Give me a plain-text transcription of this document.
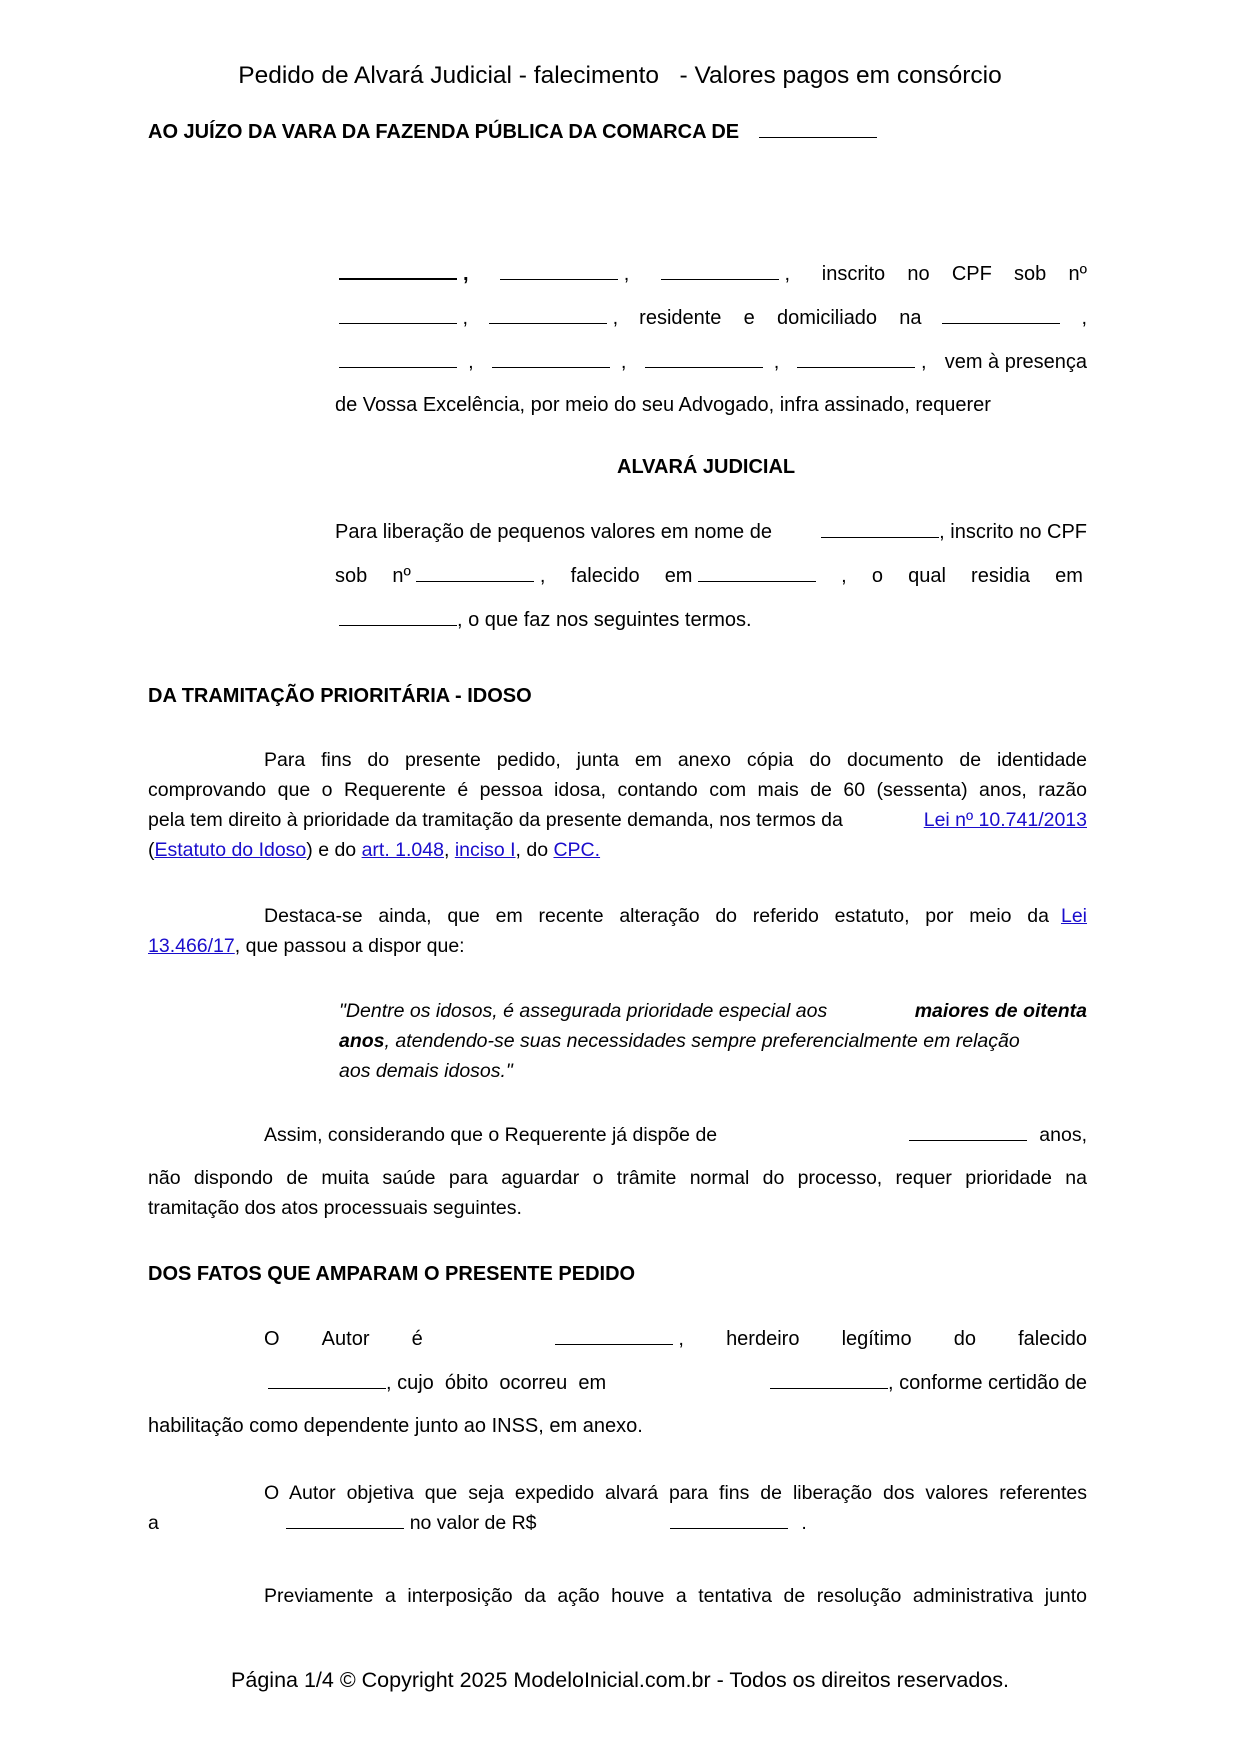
Pedido de Alvará Judicial - falecimento   - Valores pagos em consórcio
AO JUÍZO DA VARA DA FAZENDA PÚBLICA DA COMARCA DE
,	,	, inscrito    no    CPF    sob    nº
,	, residente    e    domiciliado    na	,
,	,	,	, vem à presença
de Vossa Excelência, por meio do seu Advogado, infra assinado, requerer
ALVARÁ JUDICIAL
Para liberação de pequenos valores em nome de	, inscrito no CPF
sob nº	, falecido em	, o qual residia em
, o que faz nos seguintes termos.
DA TRAMITAÇÃO PRIORITÁRIA - IDOSO
Para fins do presente pedido, junta em anexo cópia do documento de identidade
comprovando que o Requerente é pessoa idosa, contando com mais de 60 (sessenta) anos, razão
pela tem direito à prioridade da tramitação da presente demanda, nos termos da	Lei nº 10.741/2013
(Estatuto do Idoso) e do art. 1.048, inciso I, do CPC.
Destaca-se ainda, que em recente alteração do referido estatuto, por meio da Lei
13.466/17, que passou a dispor que:
"Dentre os idosos, é assegurada prioridade especial aos	maiores de oitenta
anos, atendendo-se suas necessidades sempre preferencialmente em relação
aos demais idosos."
Assim, considerando que o Requerente já dispõe de	anos,
não dispondo de muita saúde para aguardar o trâmite normal do processo, requer prioridade na
tramitação dos atos processuais seguintes.
DOS FATOS QUE AMPARAM O PRESENTE PEDIDO
O Autor é	, herdeiro legítimo do falecido
, cujo  óbito  ocorreu  em	, conforme certidão de
habilitação como dependente junto ao INSS, em anexo.
O Autor objetiva que seja expedido alvará para fins de liberação dos valores referentes
a	no valor de R$	.
Previamente a interposição da ação houve a tentativa de resolução administrativa junto
Página 1/4 © Copyright 2025 ModeloInicial.com.br - Todos os direitos reservados.
